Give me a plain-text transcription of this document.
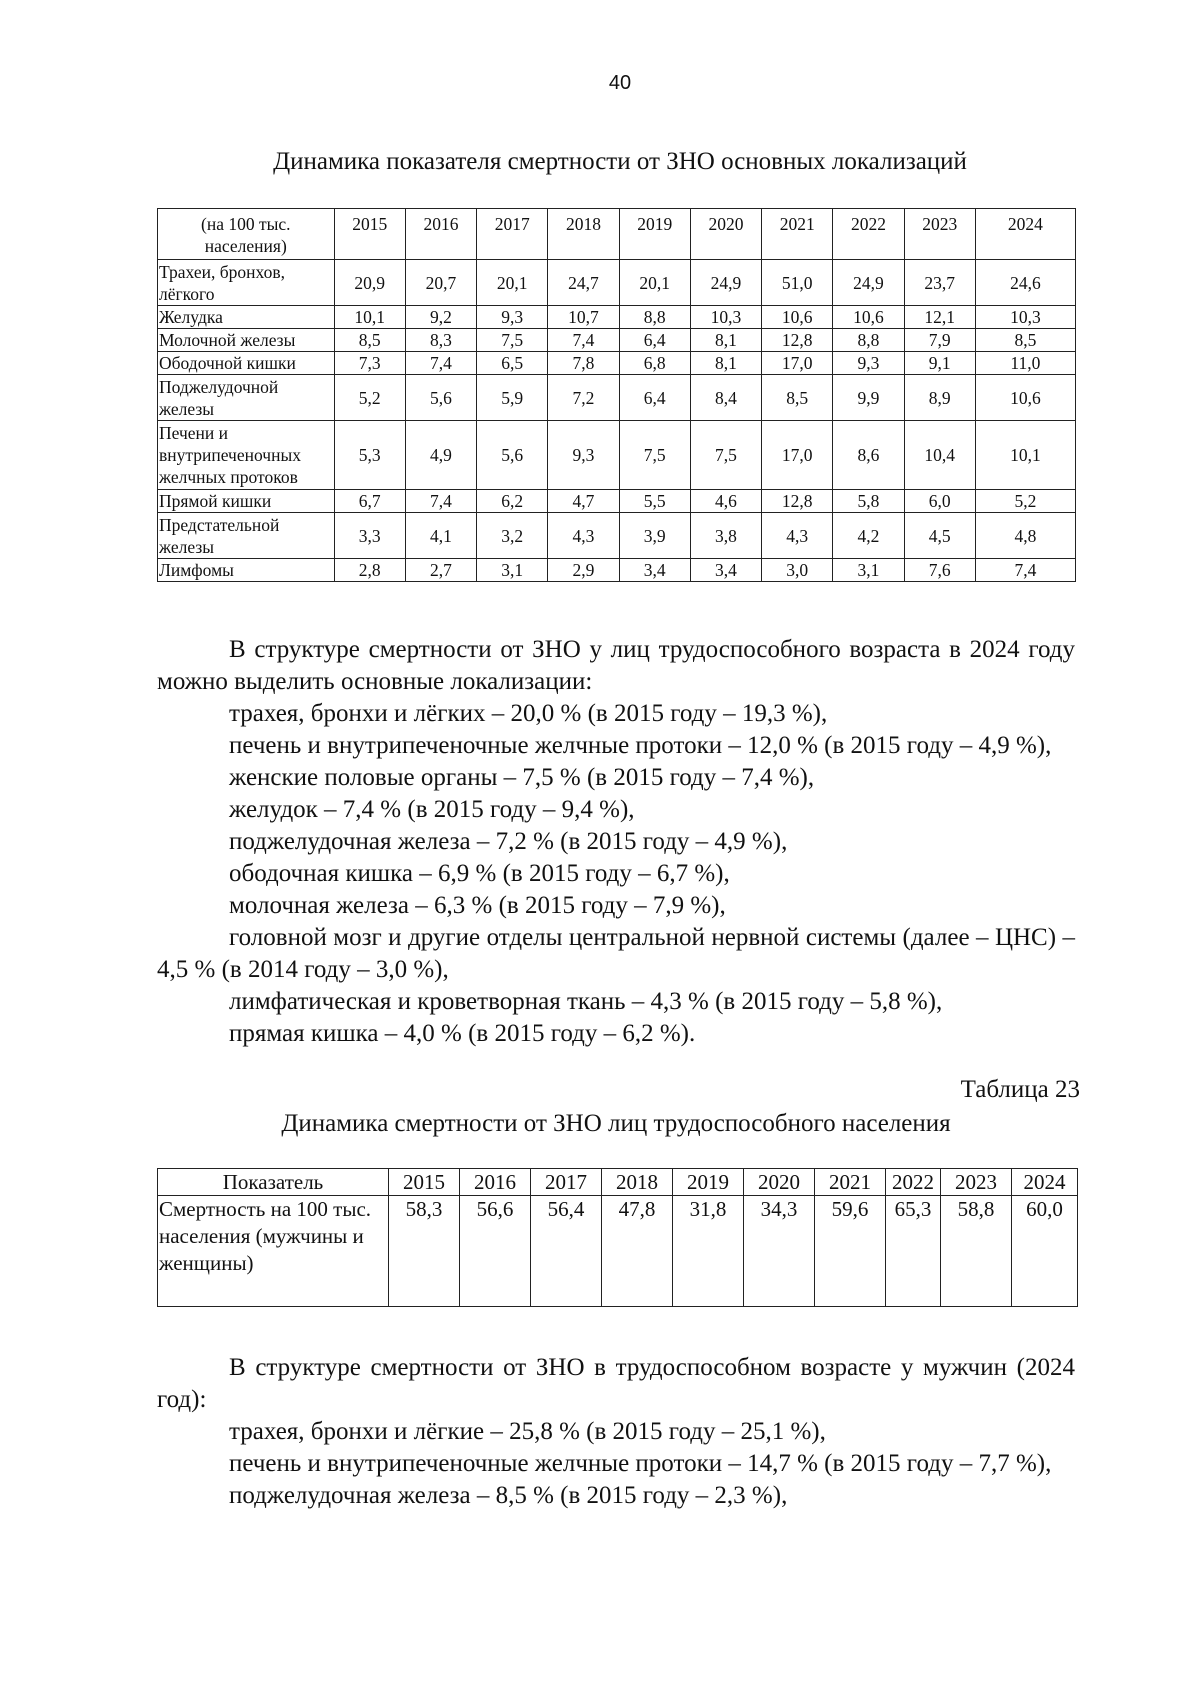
40
Динамика показателя смертности от ЗНО основных локализаций
(на 100 тыс. населения)	2015	2016	2017	2018	2019	2020	2021	2022	2023	2024
Трахеи, бронхов, лёгкого	20,9	20,7	20,1	24,7	20,1	24,9	51,0	24,9	23,7	24,6
Желудка	10,1	9,2	9,3	10,7	8,8	10,3	10,6	10,6	12,1	10,3
Молочной железы	8,5	8,3	7,5	7,4	6,4	8,1	12,8	8,8	7,9	8,5
Ободочной кишки	7,3	7,4	6,5	7,8	6,8	8,1	17,0	9,3	9,1	11,0
Поджелудочной железы	5,2	5,6	5,9	7,2	6,4	8,4	8,5	9,9	8,9	10,6
Печени и внутрипеченочных желчных протоков	5,3	4,9	5,6	9,3	7,5	7,5	17,0	8,6	10,4	10,1
Прямой кишки	6,7	7,4	6,2	4,7	5,5	4,6	12,8	5,8	6,0	5,2
Предстательной железы	3,3	4,1	3,2	4,3	3,9	3,8	4,3	4,2	4,5	4,8
Лимфомы	2,8	2,7	3,1	2,9	3,4	3,4	3,0	3,1	7,6	7,4

В структуре смертности от ЗНО у лиц трудоспособного возраста в 2024 году можно выделить основные локализации:

трахея, бронхи и лёгких – 20,0 % (в 2015 году – 19,3 %),

печень и внутрипеченочные желчные протоки – 12,0 % (в 2015 году – 4,9 %),

женские половые органы – 7,5 % (в 2015 году – 7,4 %),

желудок – 7,4 % (в 2015 году – 9,4 %),

поджелудочная железа – 7,2 % (в 2015 году – 4,9 %),

ободочная кишка – 6,9 % (в 2015 году – 6,7 %),

молочная железа – 6,3 % (в 2015 году – 7,9 %),

головной мозг и другие отделы центральной нервной системы (далее – ЦНС) – 4,5 % (в 2014 году – 3,0 %),

лимфатическая и кроветворная ткань – 4,3 % (в 2015 году – 5,8 %),

прямая кишка – 4,0 % (в 2015 году – 6,2 %).

Таблица 23
Динамика смертности от ЗНО лиц трудоспособного населения
Показатель	2015	2016	2017	2018	2019	2020	2021	2022	2023	2024
Смертность на 100 тыс. населения (мужчины и женщины)	58,3	56,6	56,4	47,8	31,8	34,3	59,6	65,3	58,8	60,0

В структуре смертности от ЗНО в трудоспособном возрасте у мужчин (2024 год):

трахея, бронхи и лёгкие – 25,8 % (в 2015 году – 25,1 %),

печень и внутрипеченочные желчные протоки – 14,7 % (в 2015 году – 7,7 %),

поджелудочная железа – 8,5 % (в 2015 году – 2,3 %),
